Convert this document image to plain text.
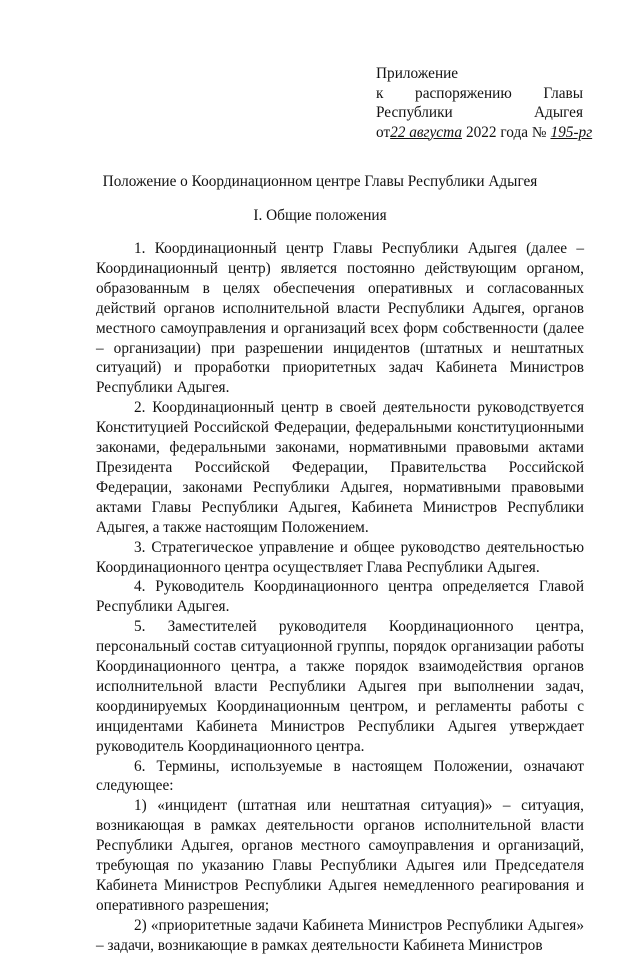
Приложение
к распоряжению Главы
Республики	Адыгея
от 22 августа 2022 года № 195-рг
Положение о Координационном центре Главы Республики Адыгея
I. Общие положения

1. Координационный центр Главы Республики Адыгея (далее – Координационный центр) является постоянно действующим органом, образованным в целях обеспечения оперативных и согласованных действий органов исполнительной власти Республики Адыгея, органов местного самоуправления и организаций всех форм собственности (далее – организации) при разрешении инцидентов (штатных и нештатных ситуаций) и проработки приоритетных задач Кабинета Министров Республики Адыгея.

2. Координационный центр в своей деятельности руководствуется Конституцией Российской Федерации, федеральными конституционными законами, федеральными законами, нормативными правовыми актами Президента Российской Федерации, Правительства Российской Федерации, законами Республики Адыгея, нормативными правовыми актами Главы Республики Адыгея, Кабинета Министров Республики Адыгея, а также настоящим Положением.

3. Стратегическое управление и общее руководство деятельностью Координационного центра осуществляет Глава Республики Адыгея.

4. Руководитель Координационного центра определяется Главой Республики Адыгея.

5. Заместителей руководителя Координационного центра, персональный состав ситуационной группы, порядок организации работы Координационного центра, а также порядок взаимодействия органов исполнительной власти Республики Адыгея при выполнении задач, координируемых Координационным центром, и регламенты работы с инцидентами Кабинета Министров Республики Адыгея утверждает руководитель Координационного центра.

6. Термины, используемые в настоящем Положении, означают следующее:

1) «инцидент (штатная или нештатная ситуация)» – ситуация, возникающая в рамках деятельности органов исполнительной власти Республики Адыгея, органов местного самоуправления и организаций, требующая по указанию Главы Республики Адыгея или Председателя Кабинета Министров Республики Адыгея немедленного реагирования и оперативного разрешения;

2) «приоритетные задачи Кабинета Министров Республики Адыгея» – задачи, возникающие в рамках деятельности Кабинета Министров
